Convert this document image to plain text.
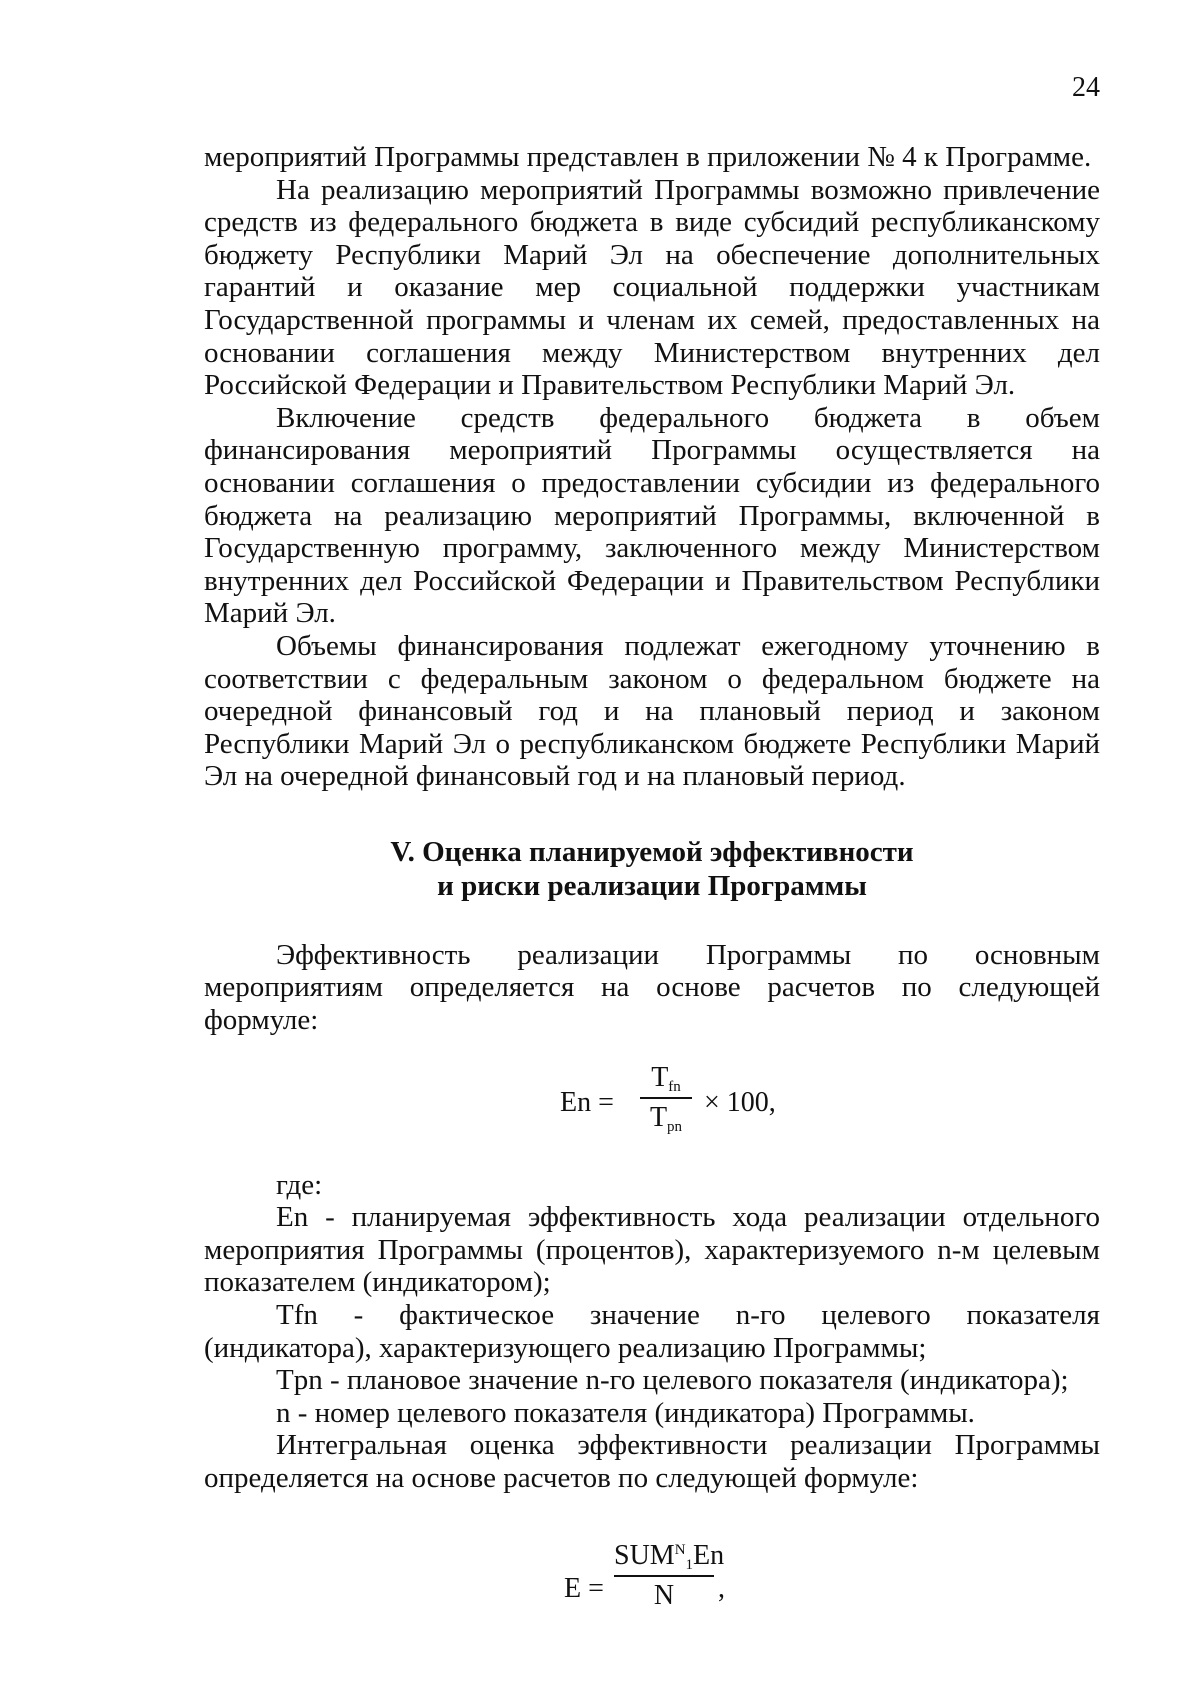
24

мероприятий Программы представлен в приложении № 4 к Программе.

На реализацию мероприятий Программы возможно привлечение средств из федерального бюджета в виде субсидий республиканскому бюджету Республики Марий Эл на обеспечение дополнительных гарантий и оказание мер социальной поддержки участникам Государственной программы и членам их семей, предоставленных на основании соглашения между Министерством внутренних дел Российской Федерации и Правительством Республики Марий Эл.

Включение средств федерального бюджета в объем финансирования мероприятий Программы осуществляется на основании соглашения о предоставлении субсидии из федерального бюджета на реализацию мероприятий Программы, включенной в Государственную программу, заключенного между Министерством внутренних дел Российской Федерации и Правительством Республики Марий Эл.

Объемы финансирования подлежат ежегодному уточнению в соответствии с федеральным законом о федеральном бюджете на очередной финансовый год и на плановый период и законом Республики Марий Эл о республиканском бюджете Республики Марий Эл на очередной финансовый год и на плановый период.

V. Оценка планируемой эффективности
и риски реализации Программы

Эффективность реализации Программы по основным мероприятиям определяется на основе расчетов по следующей формуле:

En =
$T_{fn}$
$T_{pn}$
× 100,

где:

En - планируемая эффективность хода реализации отдельного мероприятия Программы (процентов), характеризуемого n-м целевым показателем (индикатором);

Tfn - фактическое значение n-го целевого показателя (индикатора), характеризующего реализацию Программы;

Tpn - плановое значение n-го целевого показателя (индикатора);

n - номер целевого показателя (индикатора) Программы.

Интегральная оценка эффективности реализации Программы определяется на основе расчетов по следующей формуле:

E =
$SUM^N_1En$
N	,
